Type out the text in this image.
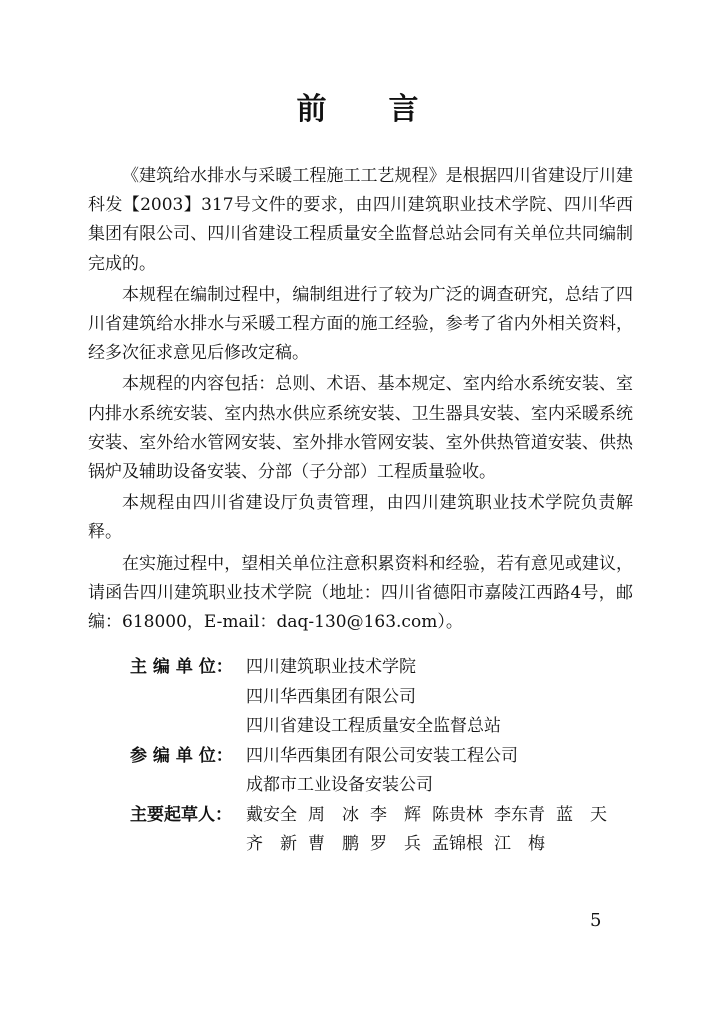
前 言

《建筑给水排水与采暖工程施工工艺规程》是根据四川省建设厅川建科发【2003】317号文件的要求，由四川建筑职业技术学院、四川华西集团有限公司、四川省建设工程质量安全监督总站会同有关单位共同编制完成的。

本规程在编制过程中，编制组进行了较为广泛的调查研究，总结了四川省建筑给水排水与采暖工程方面的施工经验，参考了省内外相关资料，经多次征求意见后修改定稿。

本规程的内容包括：总则、术语、基本规定、室内给水系统安装、室内排水系统安装、室内热水供应系统安装、卫生器具安装、室内采暖系统安装、室外给水管网安装、室外排水管网安装、室外供热管道安装、供热锅炉及辅助设备安装、分部（子分部）工程质量验收。

本规程由四川省建设厅负责管理，由四川建筑职业技术学院负责解释。

在实施过程中，望相关单位注意积累资料和经验，若有意见或建议，请函告四川建筑职业技术学院（地址：四川省德阳市嘉陵江西路4号，邮编：618000，E-mail：daq-130@163.com）。

主 编 单 位： 四川建筑职业技术学院
四川华西集团有限公司
四川省建设工程质量安全监督总站
参 编 单 位： 四川华西集团有限公司安装工程公司
成都市工业设备安装公司
主要起草人： 戴安全 周　冰 李　辉 陈贵林 李东青 蓝　天
齐　新 曹　鹏 罗　兵 孟锦根 江　梅

5
